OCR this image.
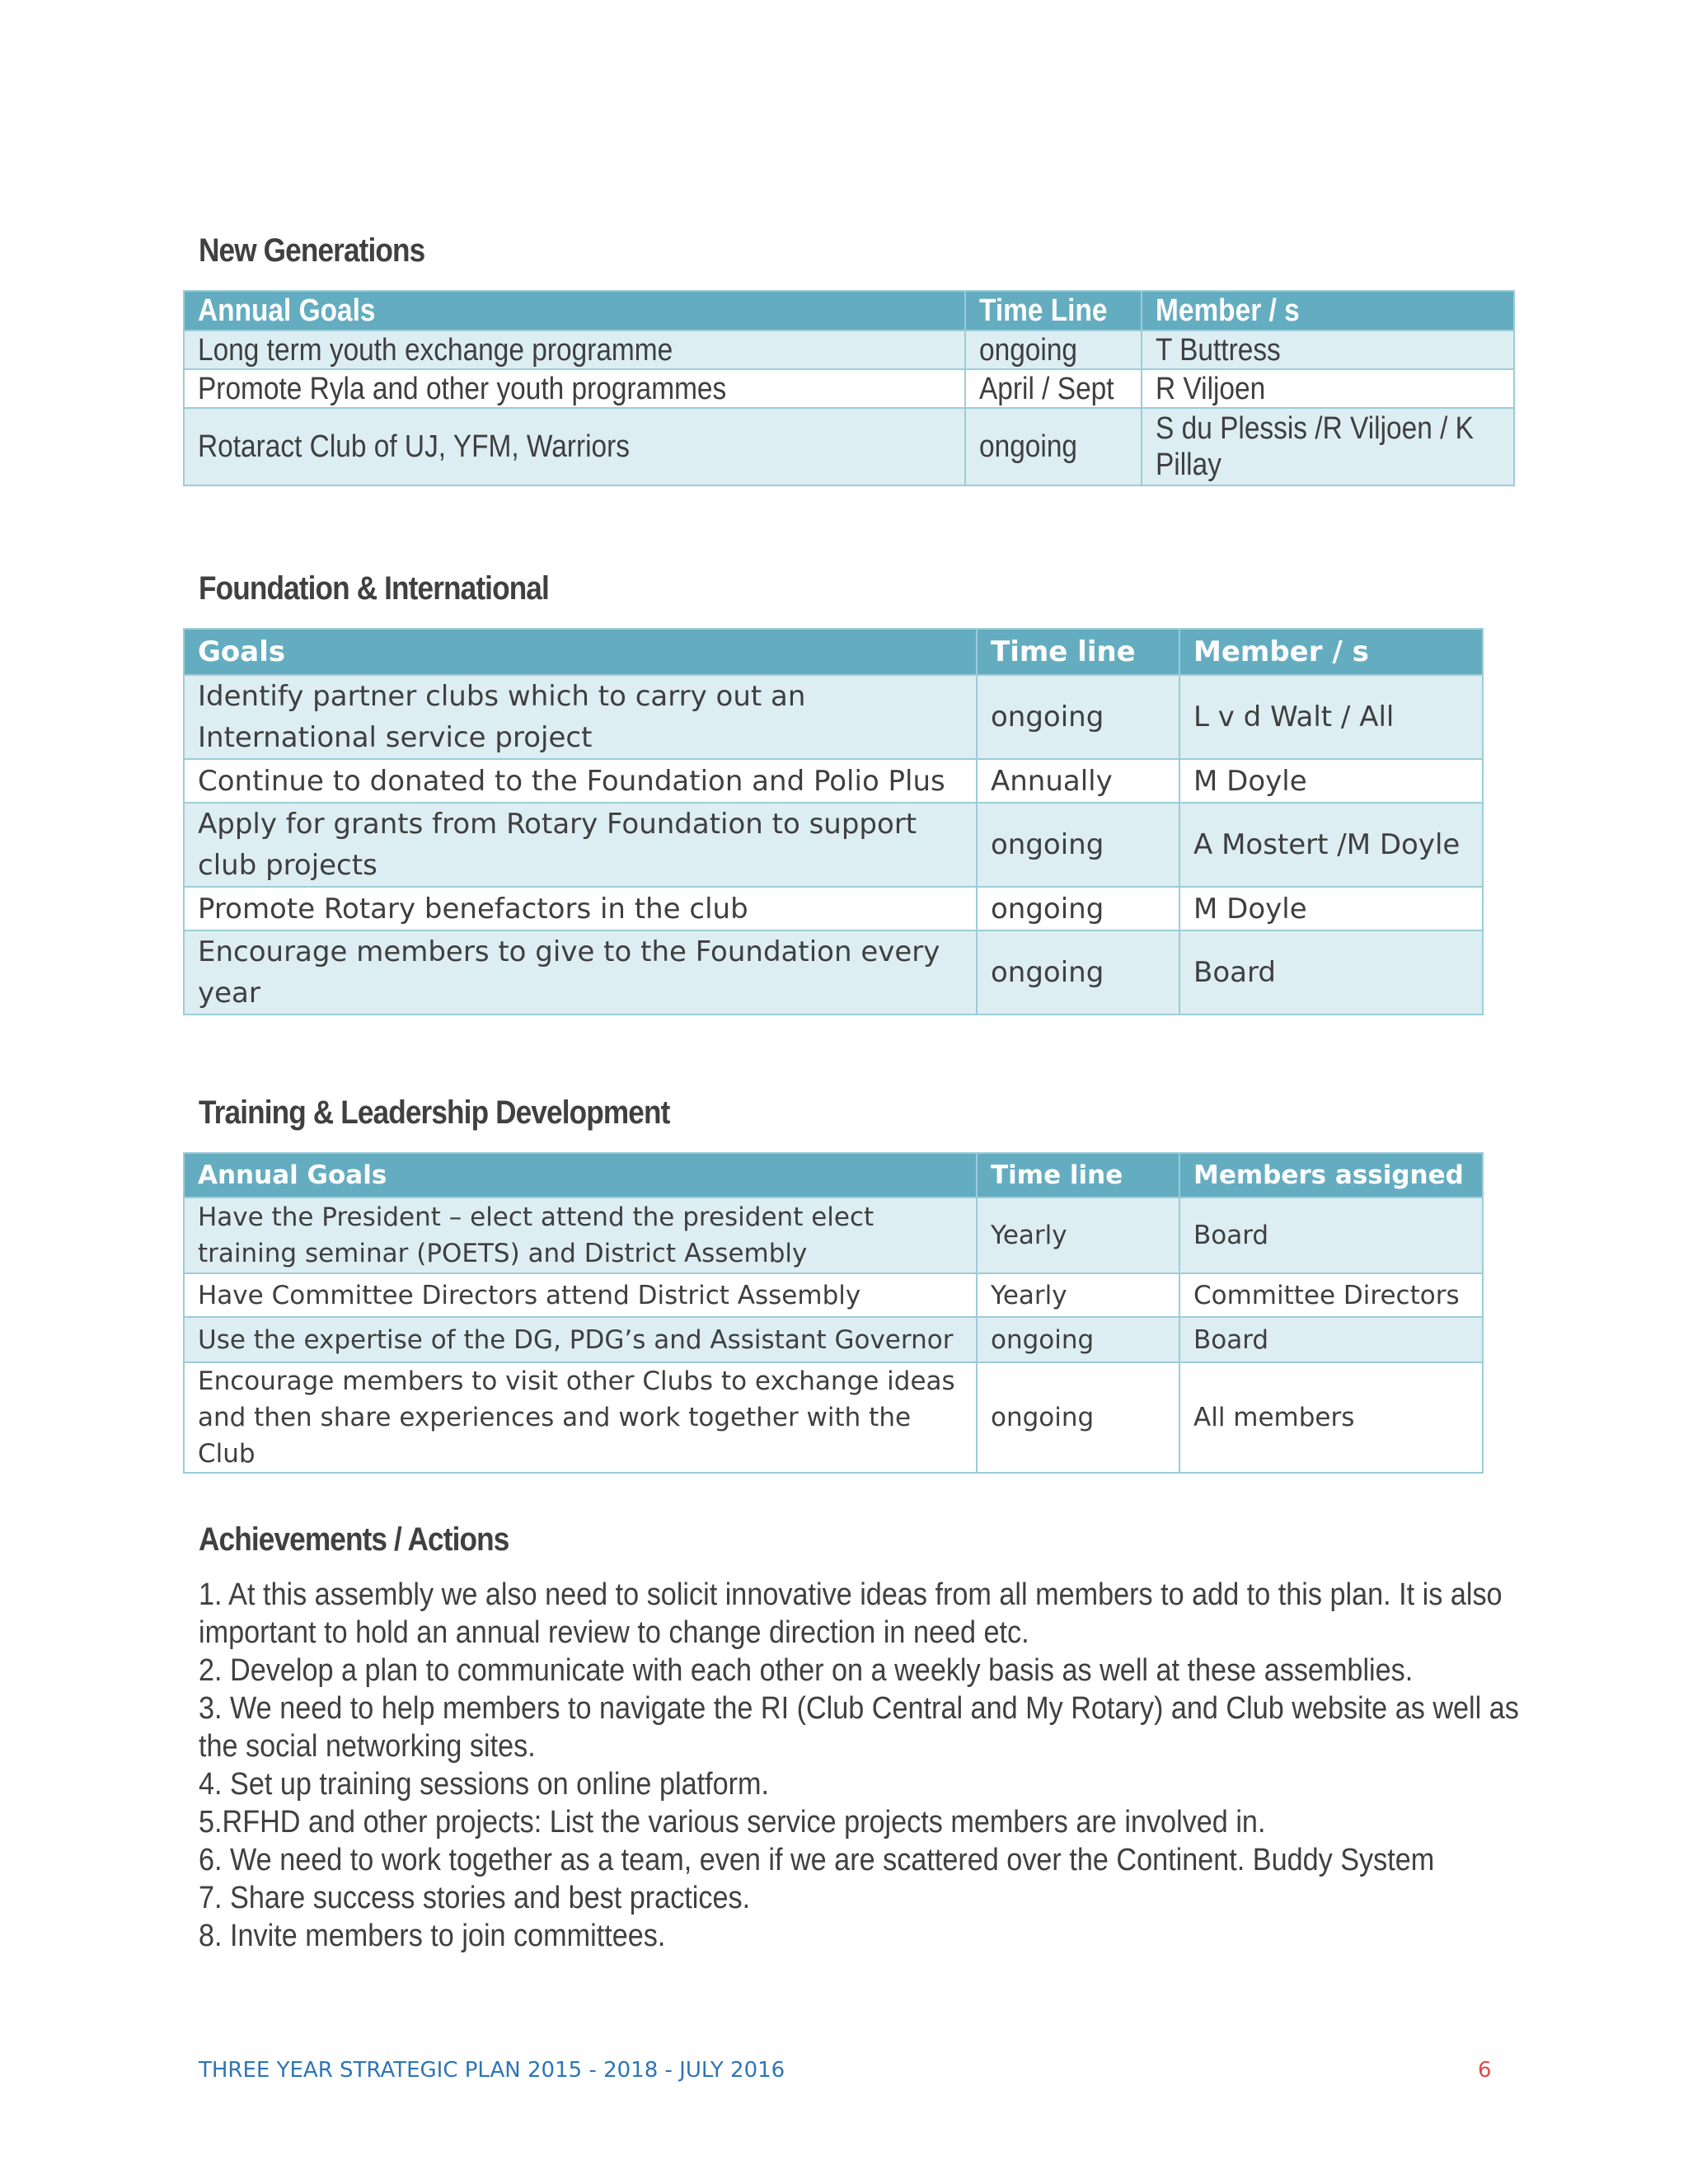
New Generations
Annual Goals	Time Line	Member / s
Long term youth exchange programme	ongoing	T Buttress
Promote Ryla and other youth programmes	April / Sept	R Viljoen
Rotaract Club of UJ, YFM, Warriors	ongoing	S du Plessis /R Viljoen / K Pillay
Foundation & International
Goals	Time line	Member / s
Identify partner clubs which to carry out an International service project	ongoing	L v d Walt / All
Continue to donated to the Foundation and Polio Plus	Annually	M Doyle
Apply for grants from Rotary Foundation to support club projects	ongoing	A Mostert /M Doyle
Promote Rotary benefactors in the club	ongoing	M Doyle
Encourage members to give to the Foundation every year	ongoing	Board
Training & Leadership Development
Annual Goals	Time line	Members assigned
Have the President – elect attend the president elect training seminar (POETS) and District Assembly	Yearly	Board
Have Committee Directors attend District Assembly	Yearly	Committee Directors
Use the expertise of the DG, PDG’s and Assistant Governor	ongoing	Board
Encourage members to visit other Clubs to exchange ideas and then share experiences and work together with the Club	ongoing	All members
Achievements / Actions
1. At this assembly we also need to solicit innovative ideas from all members to add to this plan. It is also
important to hold an annual review to change direction in need etc.
2. Develop a plan to communicate with each other on a weekly basis as well at these assemblies.
3. We need to help members to navigate the RI (Club Central and My Rotary) and Club website as well as
the social networking sites.
4. Set up training sessions on online platform.
5.RFHD and other projects: List the various service projects members are involved in.
6. We need to work together as a team, even if we are scattered over the Continent. Buddy System
7. Share success stories and best practices.
8. Invite members to join committees.
THREE YEAR STRATEGIC PLAN 2015 - 2018 - JULY 2016	6
